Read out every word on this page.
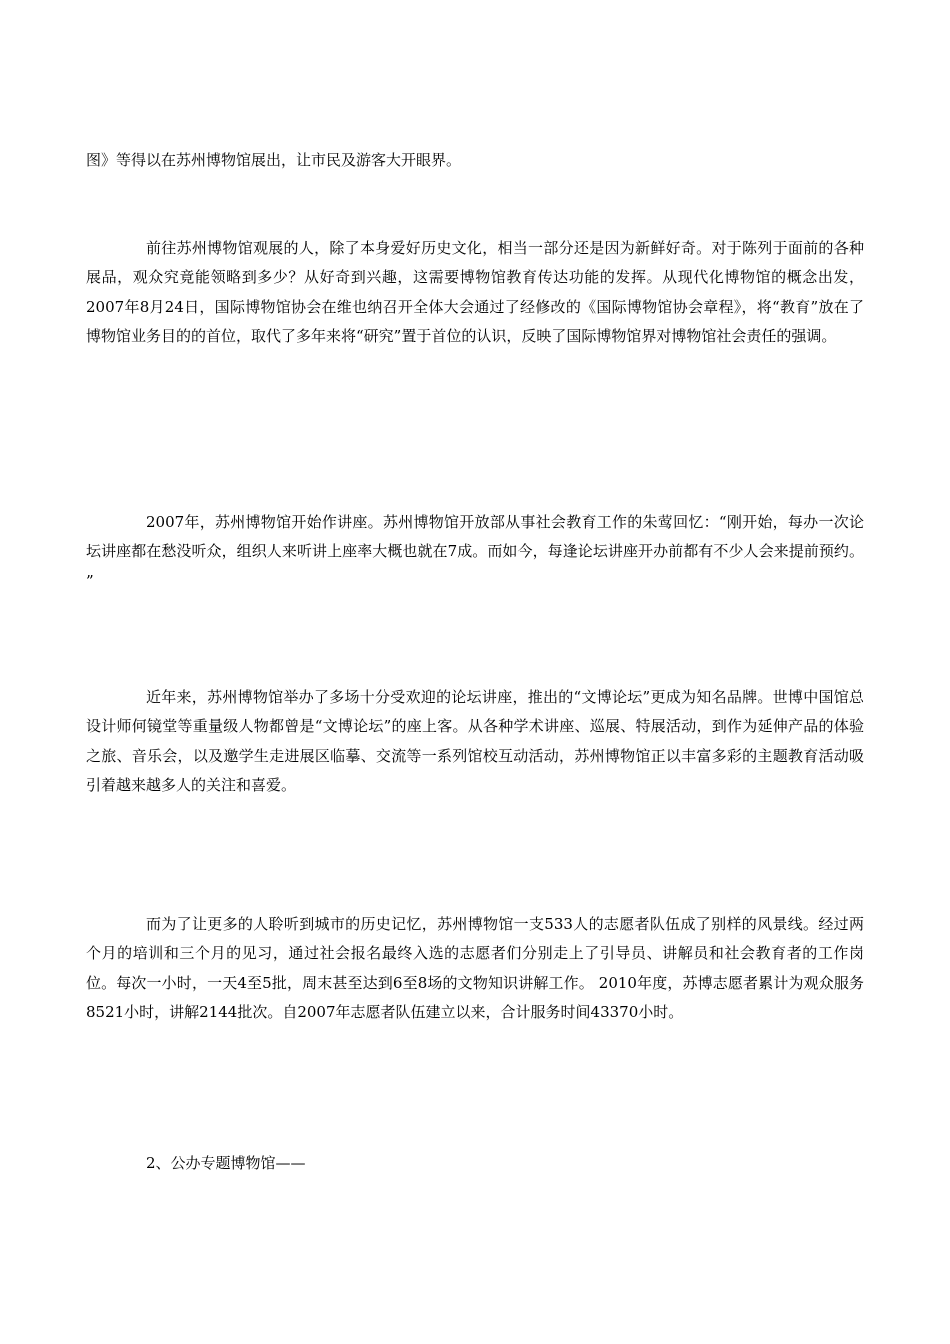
图》等得以在苏州博物馆展出，让市民及游客大开眼界。

前往苏州博物馆观展的人，除了本身爱好历史文化，相当一部分还是因为新鲜好奇。对于陈列于面前的各种展品，观众究竟能领略到多少？从好奇到兴趣，这需要博物馆教育传达功能的发挥。从现代化博物馆的概念出发，2007年8月24日，国际博物馆协会在维也纳召开全体大会通过了经修改的《国际博物馆协会章程》，将“教育”放在了博物馆业务目的的首位，取代了多年来将“研究”置于首位的认识，反映了国际博物馆界对博物馆社会责任的强调。

2007年，苏州博物馆开始作讲座。苏州博物馆开放部从事社会教育工作的朱莺回忆：“刚开始，每办一次论坛讲座都在愁没听众，组织人来听讲上座率大概也就在7成。而如今，每逢论坛讲座开办前都有不少人会来提前预约。 ”

近年来，苏州博物馆举办了多场十分受欢迎的论坛讲座，推出的“文博论坛”更成为知名品牌。世博中国馆总设计师何镜堂等重量级人物都曾是“文博论坛”的座上客。从各种学术讲座、巡展、特展活动，到作为延伸产品的体验之旅、音乐会，以及邀学生走进展区临摹、交流等一系列馆校互动活动，苏州博物馆正以丰富多彩的主题教育活动吸引着越来越多人的关注和喜爱。

而为了让更多的人聆听到城市的历史记忆，苏州博物馆一支533人的志愿者队伍成了别样的风景线。经过两个月的培训和三个月的见习，通过社会报名最终入选的志愿者们分别走上了引导员、讲解员和社会教育者的工作岗位。每次一小时，一天4至5批，周末甚至达到6至8场的文物知识讲解工作。 2010年度，苏博志愿者累计为观众服务8521小时，讲解2144批次。自2007年志愿者队伍建立以来，合计服务时间43370小时。

2、公办专题博物馆——
